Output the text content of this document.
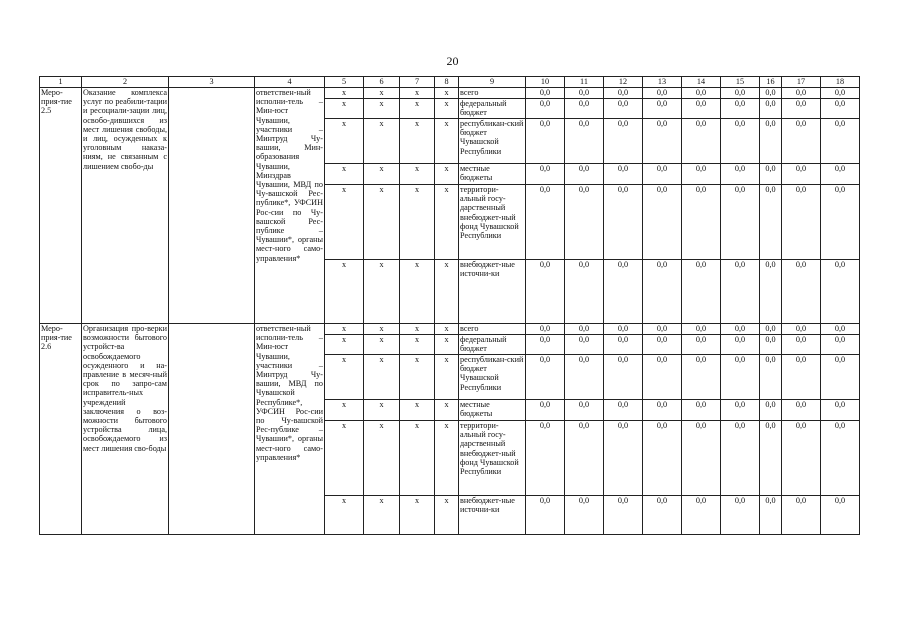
20
1	2	3	4	5	6	7	8	9	10	11	12	13	14	15	16	17	18
Меро-прия-тие 2.5	Оказание комплекса услуг по реабили-тации и ресоциали-зации лиц, освобо-дившихся из мест лишения свободы, и лиц, осужденных к уголовным наказа-ниям, не связанным с лишением свобо-ды		ответствен-ный исполни-тель – Мин-юст Чувашии, участники – Минтруд Чу-вашии, Мин-образования Чувашии, Минздрав Чувашии, МВД по Чу-вашской Рес-публике*, УФСИН Рос-сии по Чу-вашской Рес-публике – Чувашии*, органы мест-ного само-управления*	x	x	x	x	всего	0,0	0,0	0,0	0,0	0,0	0,0	0,0	0,0	0,0
				x	x	x	x	федеральный бюджет	0,0	0,0	0,0	0,0	0,0	0,0	0,0	0,0	0,0
				x	x	x	x	республикан-ский бюджет Чувашской Республики	0,0	0,0	0,0	0,0	0,0	0,0	0,0	0,0	0,0
				x	x	x	x	местные бюджеты	0,0	0,0	0,0	0,0	0,0	0,0	0,0	0,0	0,0
				x	x	x	x	территори-альный госу-дарственный внебюджет-ный фонд Чувашской Республики	0,0	0,0	0,0	0,0	0,0	0,0	0,0	0,0	0,0
				x	x	x	x	внебюджет-ные источни-ки	0,0	0,0	0,0	0,0	0,0	0,0	0,0	0,0	0,0
Меро-прия-тие 2.6	Организация про-верки возможности бытового устройст-ва освобождаемого осужденного и на-правление в месяч-ный срок по запро-сам исправитель-ных учреждений заключения о воз-можности бытового устройства лица, освобождаемого из мест лишения сво-боды		ответствен-ный исполни-тель – Мин-юст Чувашии, участники – Минтруд Чу-вашии, МВД по Чувашской Республике*, УФСИН Рос-сии по Чу-вашской Рес-публике – Чувашии*, органы мест-ного само-управления*	x	x	x	x	всего	0,0	0,0	0,0	0,0	0,0	0,0	0,0	0,0	0,0
				x	x	x	x	федеральный бюджет	0,0	0,0	0,0	0,0	0,0	0,0	0,0	0,0	0,0
				x	x	x	x	республикан-ский бюджет Чувашской Республики	0,0	0,0	0,0	0,0	0,0	0,0	0,0	0,0	0,0
				x	x	x	x	местные бюджеты	0,0	0,0	0,0	0,0	0,0	0,0	0,0	0,0	0,0
				x	x	x	x	территори-альный госу-дарственный внебюджет-ный фонд Чувашской Республики	0,0	0,0	0,0	0,0	0,0	0,0	0,0	0,0	0,0
				x	x	x	x	внебюджет-ные источни-ки	0,0	0,0	0,0	0,0	0,0	0,0	0,0	0,0	0,0
